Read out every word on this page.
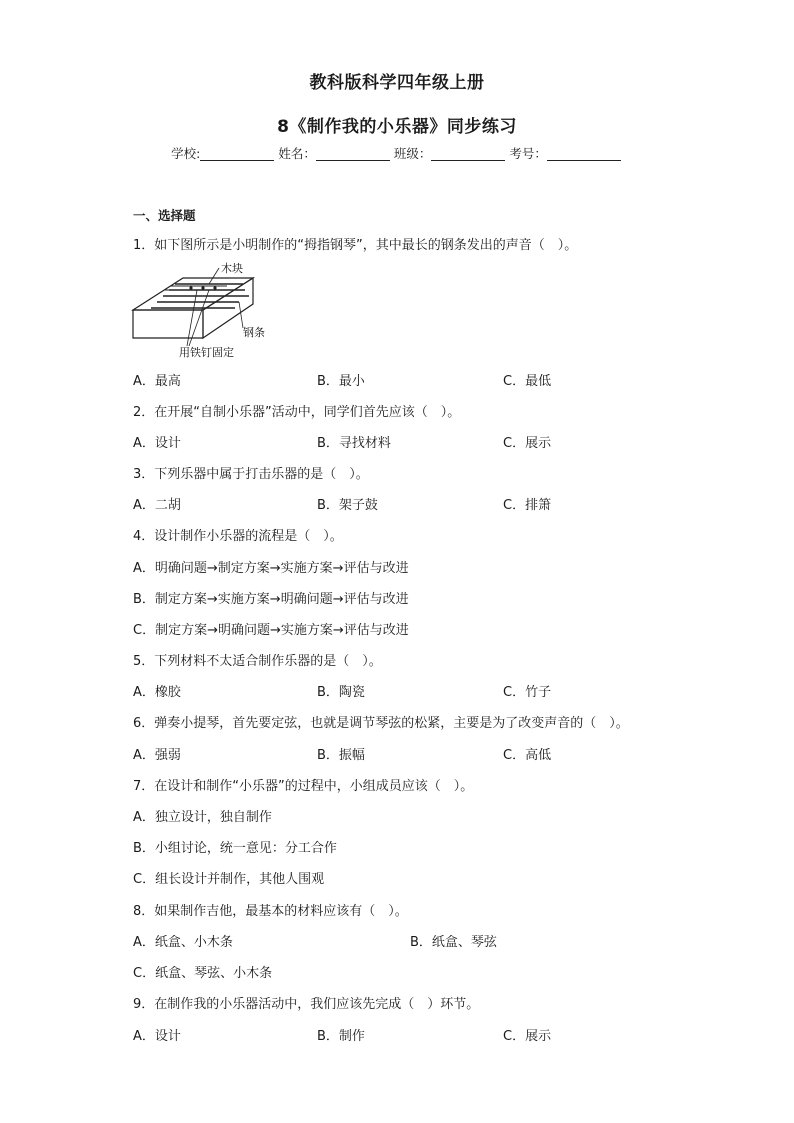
教科版科学四年级上册
8《制作我的小乐器》同步练习
学校:	姓名：	班级：	考号：
一、选择题
1．如下图所示是小明制作的“拇指钢琴”，其中最长的钢条发出的声音（　）。
木块
钢条
用铁钉固定
A．最高	B．最小	C．最低
2．在开展“自制小乐器”活动中，同学们首先应该（　）。
A．设计	B．寻找材料	C．展示
3．下列乐器中属于打击乐器的是（　）。
A．二胡	B．架子鼓	C．排箫
4．设计制作小乐器的流程是（　）。
A．明确问题→制定方案→实施方案→评估与改进
B．制定方案→实施方案→明确问题→评估与改进
C．制定方案→明确问题→实施方案→评估与改进
5．下列材料不太适合制作乐器的是（　）。
A．橡胶	B．陶瓷	C．竹子
6．弹奏小提琴，首先要定弦，也就是调节琴弦的松紧，主要是为了改变声音的（　）。
A．强弱	B．振幅	C．高低
7．在设计和制作“小乐器”的过程中，小组成员应该（　）。
A．独立设计，独自制作
B．小组讨论，统一意见：分工合作
C．组长设计并制作，其他人围观
8．如果制作吉他，最基本的材料应该有（　）。
A．纸盒、小木条	B．纸盒、琴弦
C．纸盒、琴弦、小木条
9．在制作我的小乐器活动中，我们应该先完成（　）环节。
A．设计	B．制作	C．展示
